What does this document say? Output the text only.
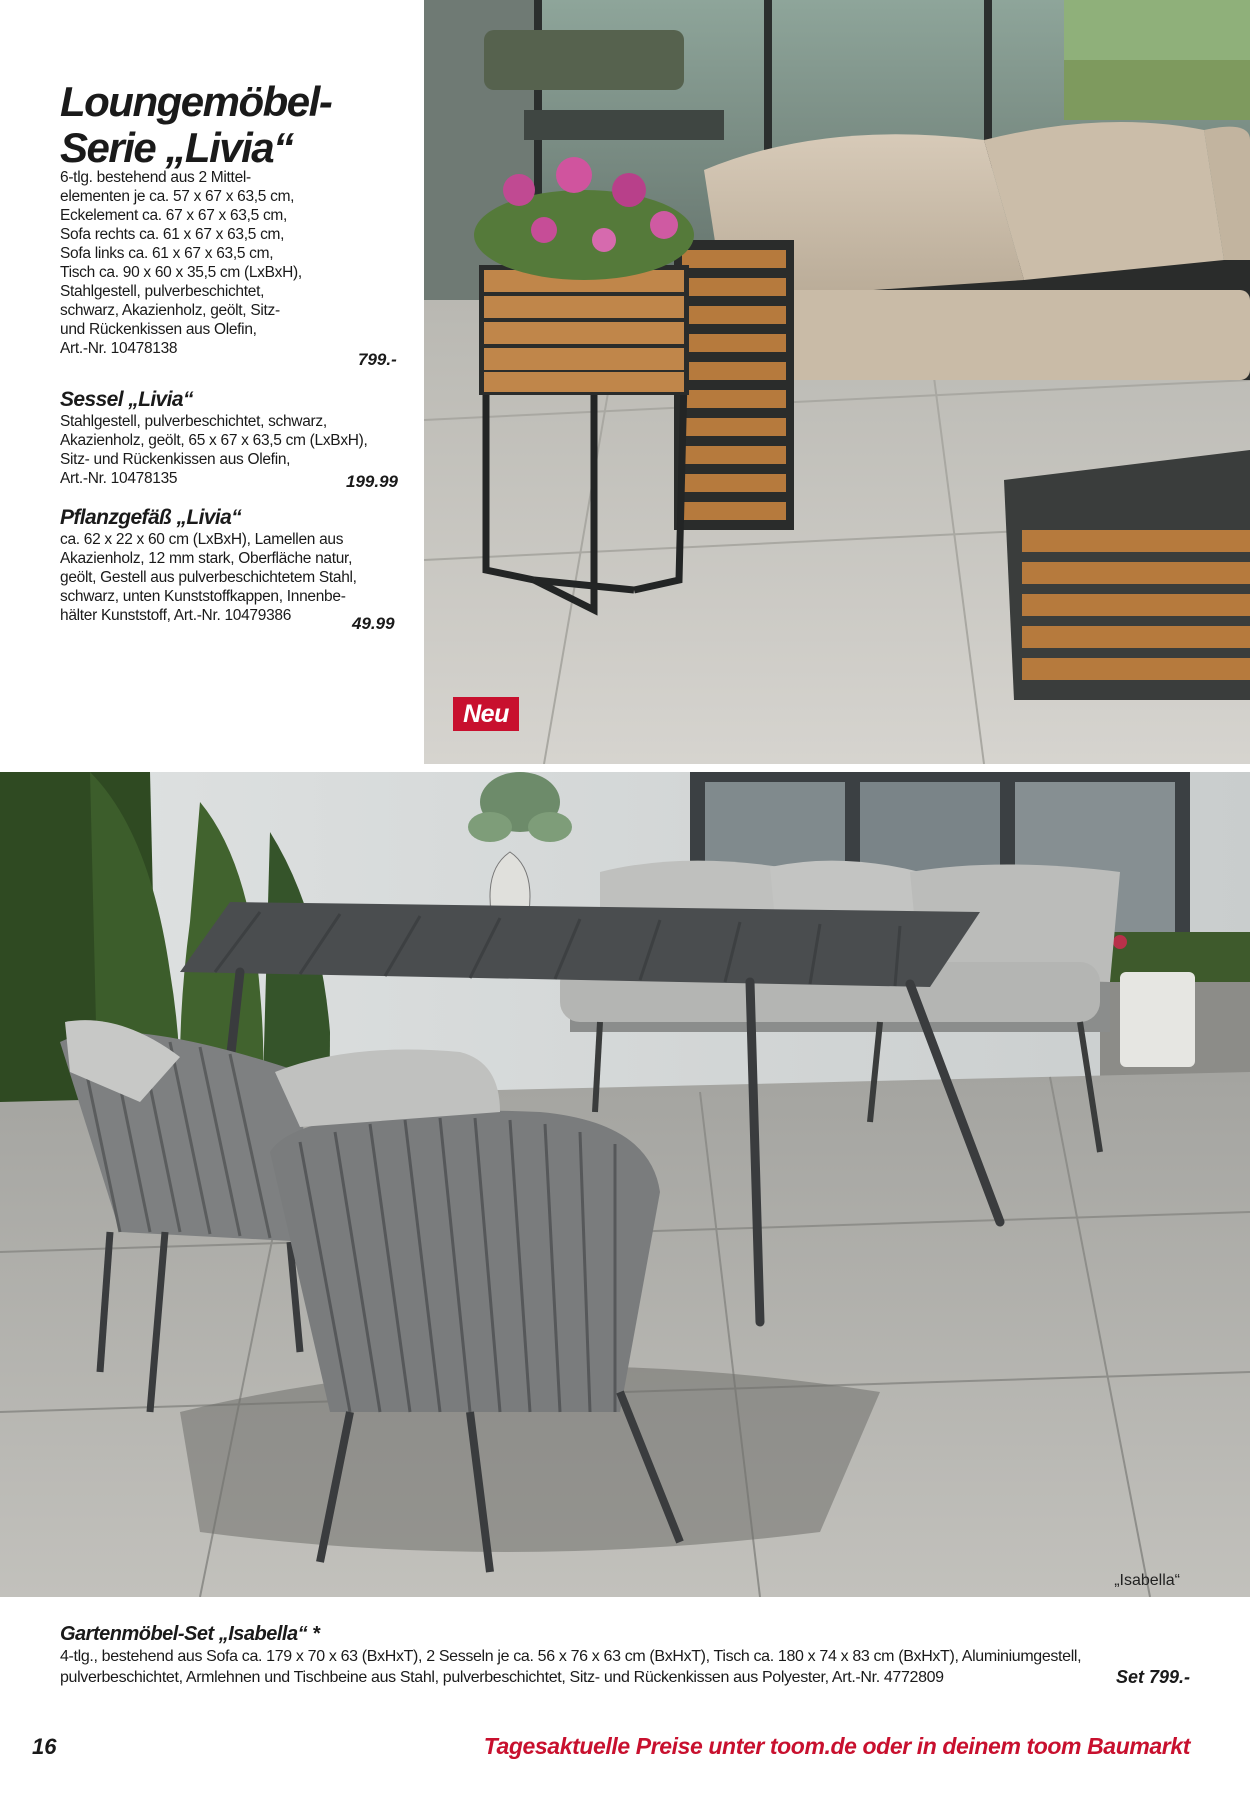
Loungemöbel-
Serie „Livia“
6-tlg. bestehend aus 2 Mittel-
elementen je ca. 57 x 67 x 63,5 cm,
Eckelement ca. 67 x 67 x 63,5 cm,
Sofa rechts ca. 61 x 67 x 63,5 cm,
Sofa links ca. 61 x 67 x 63,5 cm,
Tisch ca. 90 x 60 x 35,5 cm (LxBxH),
Stahlgestell, pulverbeschichtet,
schwarz, Akazienholz, geölt, Sitz-
und Rückenkissen aus Olefin,
Art.-Nr. 10478138
799.-
Sessel „Livia“
Stahlgestell, pulverbeschichtet, schwarz,
Akazienholz, geölt, 65 x 67 x 63,5 cm (LxBxH),
Sitz- und Rückenkissen aus Olefin,
Art.-Nr. 10478135	199.99
Pflanzgefäß „Livia“
ca. 62 x 22 x 60 cm (LxBxH), Lamellen aus
Akazienholz, 12 mm stark, Oberfläche natur,
geölt, Gestell aus pulverbeschichtetem Stahl,
schwarz, unten Kunststoffkappen, Innenbe-
hälter Kunststoff, Art.-Nr. 10479386	49.99
Neu
„Isabella“
Gartenmöbel-Set „Isabella“ *
4-tlg., bestehend aus Sofa ca. 179 x 70 x 63 (BxHxT), 2 Sesseln je ca. 56 x 76 x 63 cm (BxHxT), Tisch ca. 180 x 74 x 83 cm (BxHxT), Aluminiumgestell, pulverbeschichtet, Armlehnen und Tischbeine aus Stahl, pulverbeschichtet, Sitz- und Rückenkissen aus Polyester, Art.-Nr. 4772809	Set 799.-
16	Tagesaktuelle Preise unter toom.de oder in deinem toom Baumarkt
